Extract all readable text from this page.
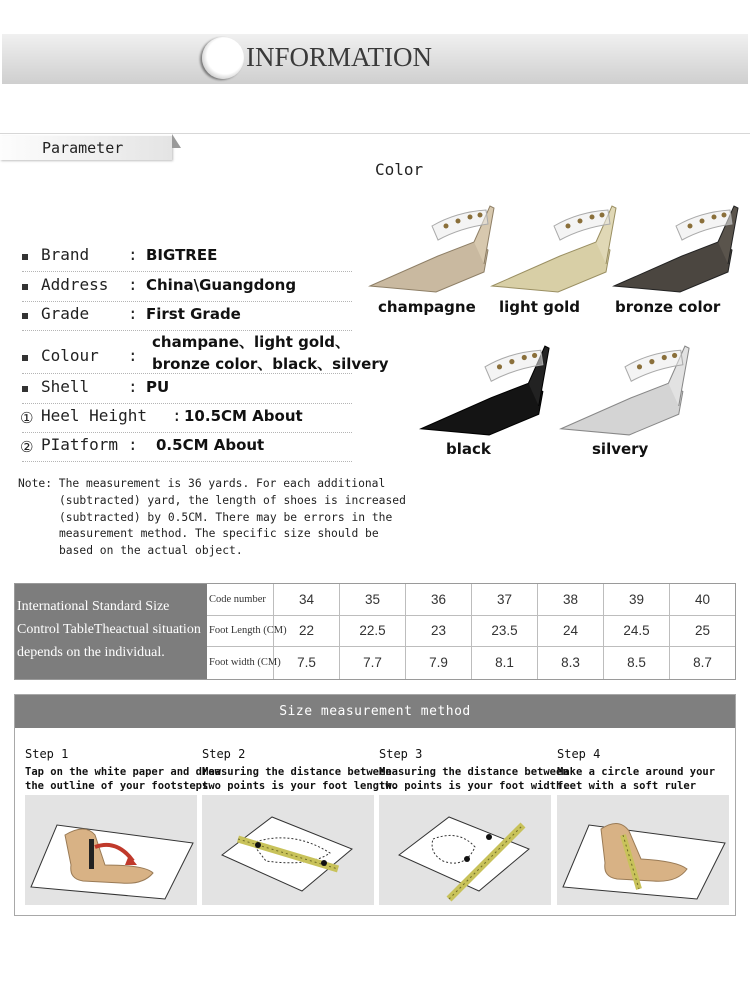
INFORMATION
Parameter
Brand : BIGTREE
Address : China\Guangdong
Grade : First Grade
Colour :
champane、light gold、
bronze color、black、silvery
Shell : PU
① Heel Height : 10.5CM About
② PIatform : 0.5CM About
Note: The measurement is 36 yards. For each additional
(subtracted) yard, the length of shoes is increased
(subtracted) by 0.5CM. There may be errors in the
measurement method. The specific size should be
based on the actual object.
Color
champagne light gold bronze color
black	silvery
International Standard Size
Control TableTheactual situation
depends on the individual.
Code number	34	35	36	37	38	39	40
Foot Length (CM) 22	22.5	23	23.5	24	24.5	25
Foot width (CM)	7.5	7.7	7.9	8.1	8.3	8.5	8.7
Size measurement method
Step 1
Tap on the white paper and draw
the outline of your footsteps
Step 2
Measuring the distance between
two points is your foot length.
Step 3
Measuring the distance between
two points is your foot width.
Step 4
Make a circle around your
feet with a soft ruler
